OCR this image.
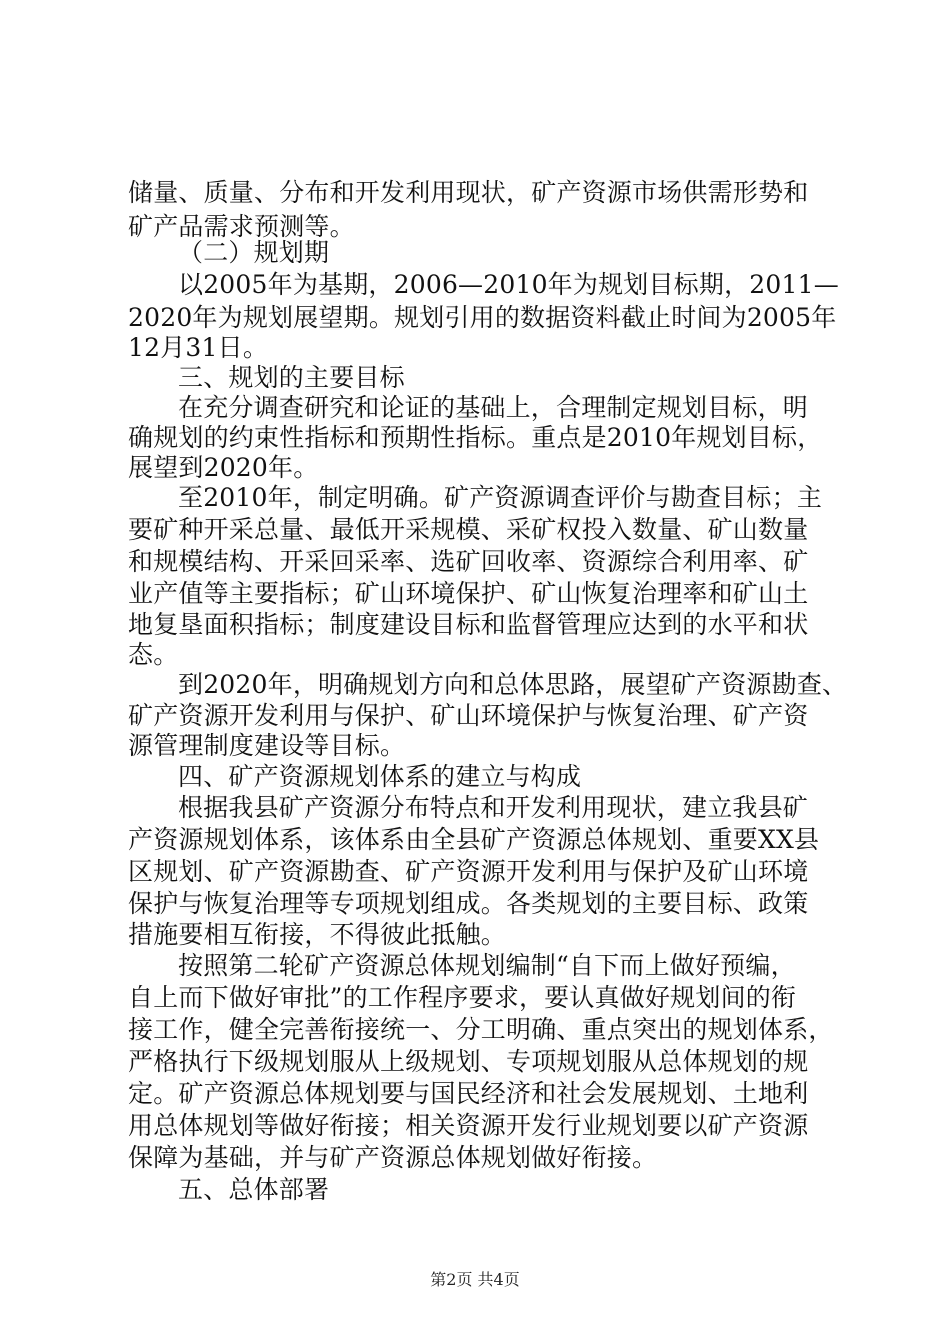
储量、质量、分布和开发利用现状，矿产资源市场供需形势和
矿产品需求预测等。
（二）规划期
以2005年为基期，2006—2010年为规划目标期，2011—
2020年为规划展望期。规划引用的数据资料截止时间为2005年
12月31日。
三、规划的主要目标
在充分调查研究和论证的基础上，合理制定规划目标，明
确规划的约束性指标和预期性指标。重点是2010年规划目标，
展望到2020年。
至2010年，制定明确。矿产资源调查评价与勘查目标；主
要矿种开采总量、最低开采规模、采矿权投入数量、矿山数量
和规模结构、开采回采率、选矿回收率、资源综合利用率、矿
业产值等主要指标；矿山环境保护、矿山恢复治理率和矿山土
地复垦面积指标；制度建设目标和监督管理应达到的水平和状
态。
到2020年，明确规划方向和总体思路，展望矿产资源勘查、
矿产资源开发利用与保护、矿山环境保护与恢复治理、矿产资
源管理制度建设等目标。
四、矿产资源规划体系的建立与构成
根据我县矿产资源分布特点和开发利用现状，建立我县矿
产资源规划体系，该体系由全县矿产资源总体规划、重要XX县
区规划、矿产资源勘查、矿产资源开发利用与保护及矿山环境
保护与恢复治理等专项规划组成。各类规划的主要目标、政策
措施要相互衔接，不得彼此抵触。
按照第二轮矿产资源总体规划编制“自下而上做好预编，
自上而下做好审批”的工作程序要求，要认真做好规划间的衔
接工作，健全完善衔接统一、分工明确、重点突出的规划体系，
严格执行下级规划服从上级规划、专项规划服从总体规划的规
定。矿产资源总体规划要与国民经济和社会发展规划、土地利
用总体规划等做好衔接；相关资源开发行业规划要以矿产资源
保障为基础，并与矿产资源总体规划做好衔接。
五、总体部署
第2页 共4页
